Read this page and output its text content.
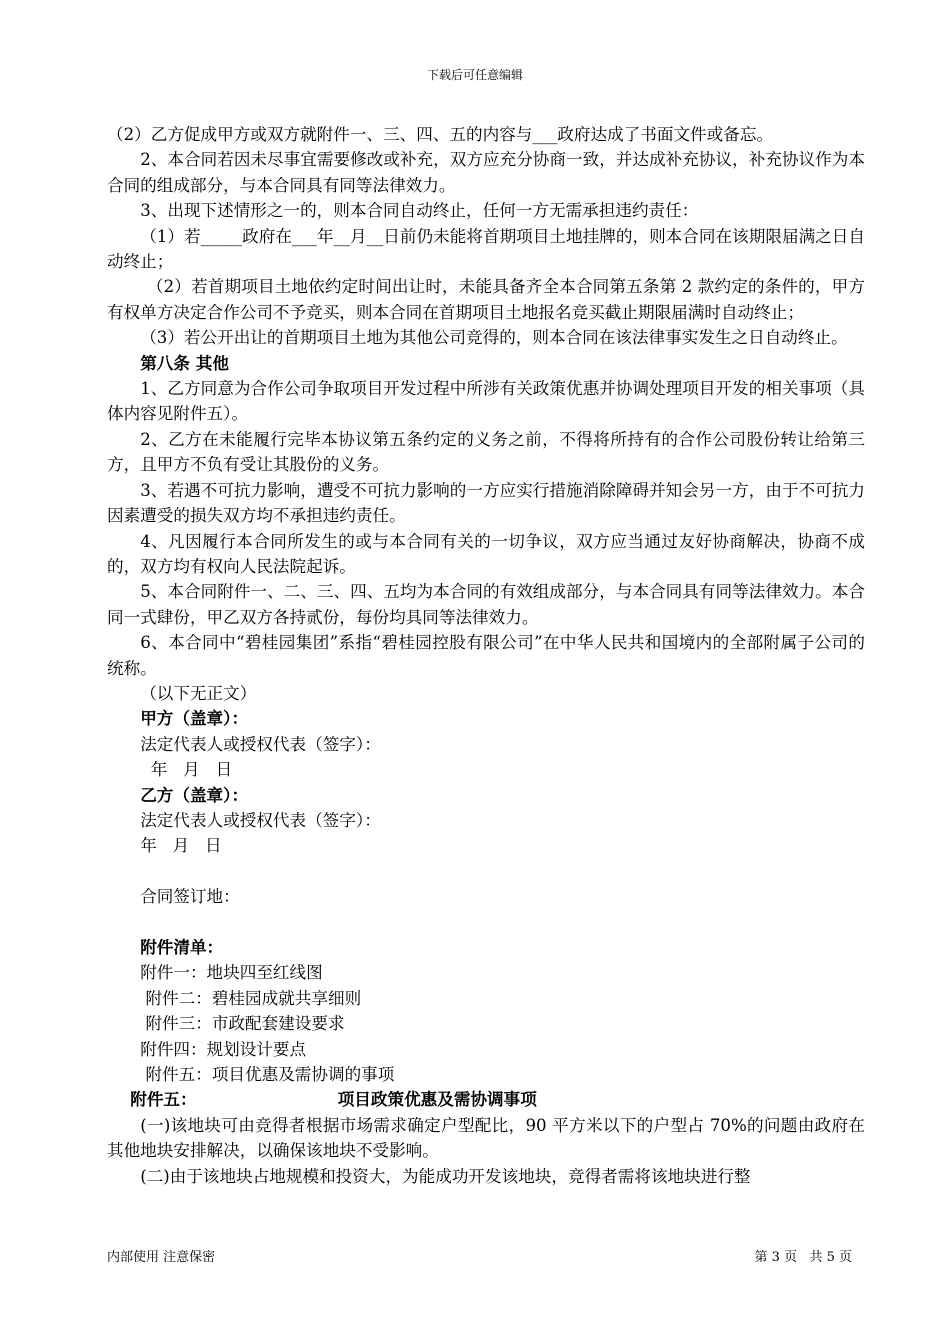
下载后可任意编辑

（2）乙方促成甲方或双方就附件一、三、四、五的内容与___政府达成了书面文件或备忘。

2、本合同若因未尽事宜需要修改或补充，双方应充分协商一致，并达成补充协议，补充协议作为本合同的组成部分，与本合同具有同等法律效力。

3、出现下述情形之一的，则本合同自动终止，任何一方无需承担违约责任：

（1）若_____政府在___年__月__日前仍未能将首期项目土地挂牌的，则本合同在该期限届满之日自动终止；

（2）若首期项目土地依约定时间出让时，未能具备齐全本合同第五条第 2 款约定的条件的，甲方有权单方决定合作公司不予竞买，则本合同在首期项目土地报名竞买截止期限届满时自动终止；

（3）若公开出让的首期项目土地为其他公司竞得的，则本合同在该法律事实发生之日自动终止。

第八条 其他

1、乙方同意为合作公司争取项目开发过程中所涉有关政策优惠并协调处理项目开发的相关事项（具体内容见附件五）。

2、乙方在未能履行完毕本协议第五条约定的义务之前，不得将所持有的合作公司股份转让给第三方，且甲方不负有受让其股份的义务。

3、若遇不可抗力影响，遭受不可抗力影响的一方应实行措施消除障碍并知会另一方，由于不可抗力因素遭受的损失双方均不承担违约责任。

4、凡因履行本合同所发生的或与本合同有关的一切争议，双方应当通过友好协商解决，协商不成的，双方均有权向人民法院起诉。

5、本合同附件一、二、三、四、五均为本合同的有效组成部分，与本合同具有同等法律效力。本合同一式肆份，甲乙双方各持贰份，每份均具同等法律效力。

6、本合同中“碧桂园集团”系指“碧桂园控股有限公司”在中华人民共和国境内的全部附属子公司的统称。

（以下无正文）

甲方（盖章）：

法定代表人或授权代表（签字）：

年   月   日

乙方（盖章）：

法定代表人或授权代表（签字）：

年   月   日

合同签订地：

附件清单：

附件一：地块四至红线图

附件二：碧桂园成就共享细则

附件三：市政配套建设要求

附件四：规划设计要点

附件五：项目优惠及需协调的事项

附件五：	项目政策优惠及需协调事项

(一)该地块可由竞得者根据市场需求确定户型配比，90 平方米以下的户型占 70%的问题由政府在其他地块安排解决，以确保该地块不受影响。

(二)由于该地块占地规模和投资大，为能成功开发该地块，竞得者需将该地块进行整

内部使用 注意保密	第 3 页   共 5 页
